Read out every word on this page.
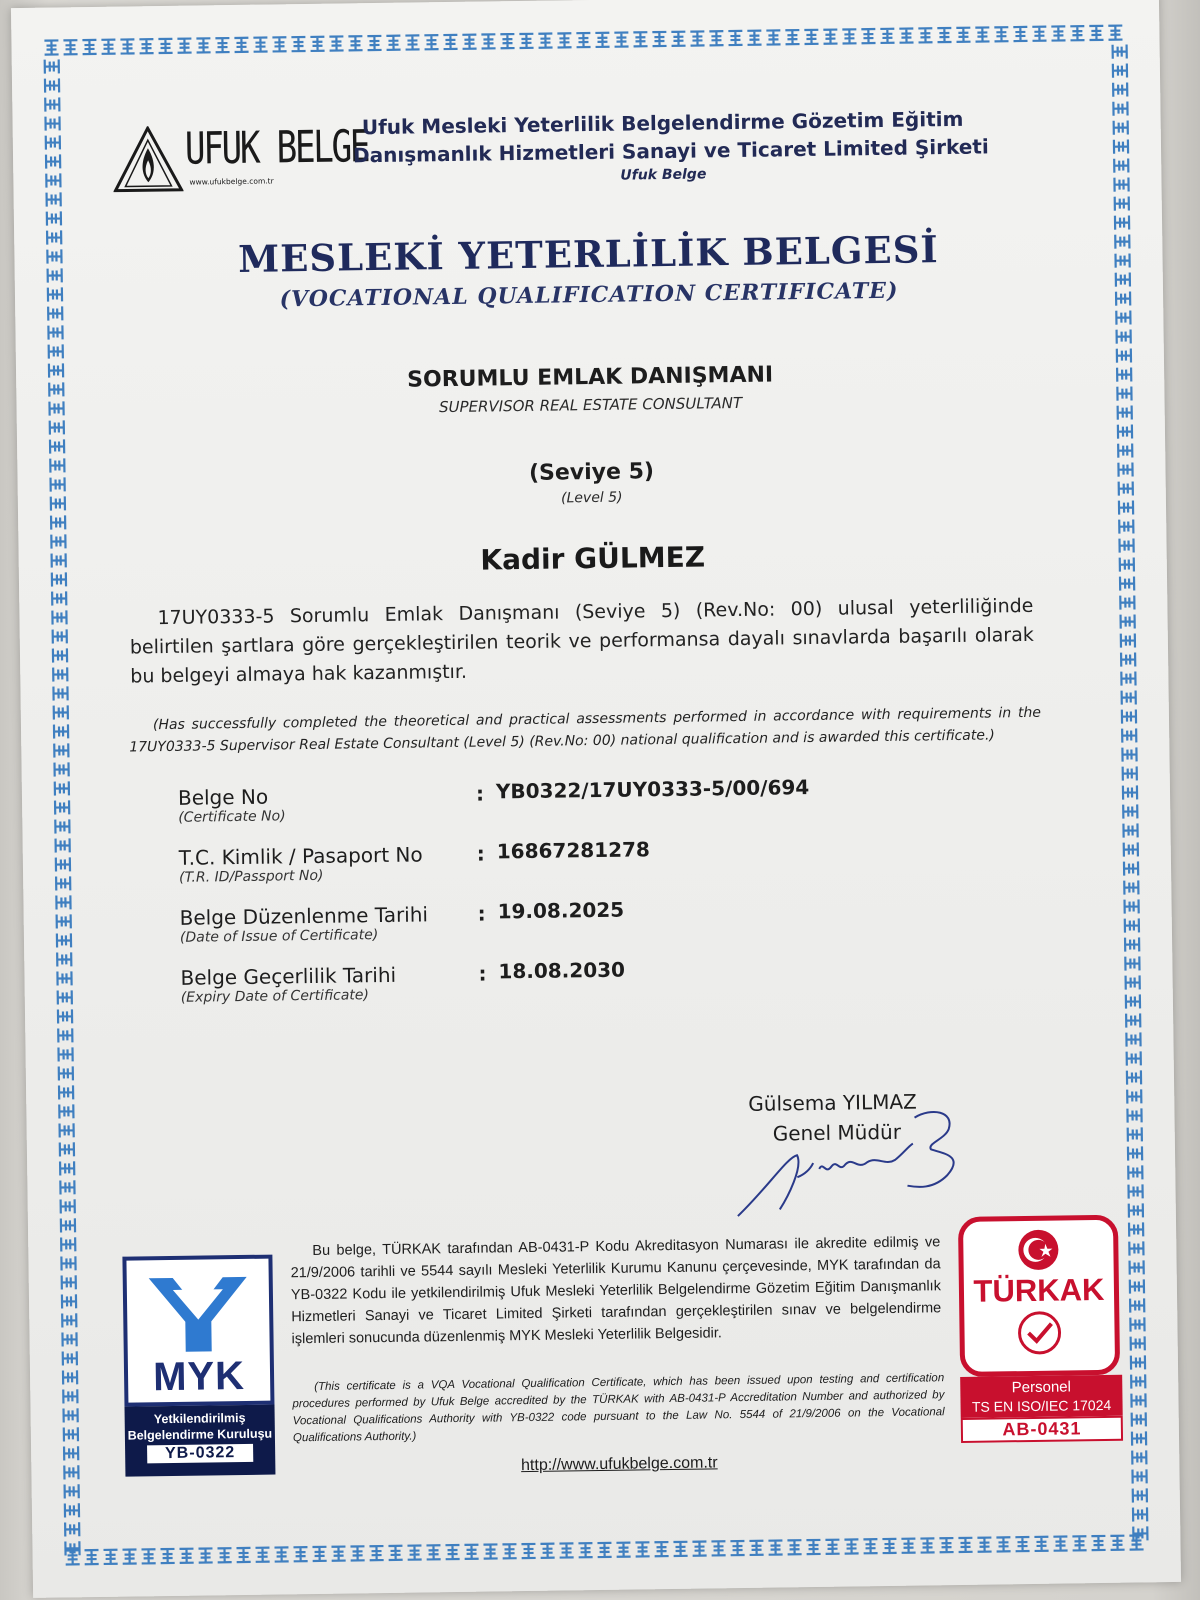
UFUK BELGE
www.ufukbelge.com.tr
Ufuk Mesleki Yeterlilik Belgelendirme Gözetim Eğitim
Danışmanlık Hizmetleri Sanayi ve Ticaret Limited Şirketi
Ufuk Belge
MESLEKİ YETERLİLİK BELGESİ
(VOCATIONAL QUALIFICATION CERTIFICATE)
SORUMLU EMLAK DANIŞMANI
SUPERVISOR REAL ESTATE CONSULTANT
(Seviye 5)
(Level 5)
Kadir GÜLMEZ
17UY0333-5 Sorumlu Emlak Danışmanı (Seviye 5) (Rev.No: 00) ulusal yeterliliğinde belirtilen şartlara göre gerçekleştirilen teorik ve performansa dayalı sınavlarda başarılı olarak bu belgeyi almaya hak kazanmıştır.
(Has successfully completed the theoretical and practical assessments performed in accordance with requirements in the 17UY0333-5 Supervisor Real Estate Consultant (Level 5) (Rev.No: 00) national qualification and is awarded this certificate.)
Belge No
(Certificate No)
: YB0322/17UY0333-5/00/694
T.C. Kimlik / Pasaport No
(T.R. ID/Passport No)
: 16867281278
Belge Düzenlenme Tarihi
(Date of Issue of Certificate)
: 19.08.2025
Belge Geçerlilik Tarihi
(Expiry Date of Certificate)
: 18.08.2030
Gülsema YILMAZ
Genel Müdür
MYK
Yetkilendirilmiş
Belgelendirme Kuruluşu
YB-0322
Bu belge, TÜRKAK tarafından AB-0431-P Kodu Akreditasyon Numarası ile akredite edilmiş ve 21/9/2006 tarihli ve 5544 sayılı Mesleki Yeterlilik Kurumu Kanunu çerçevesinde, MYK tarafından da YB-0322 Kodu ile yetkilendirilmiş Ufuk Mesleki Yeterlilik Belgelendirme Gözetim Eğitim Danışmanlık Hizmetleri Sanayi ve Ticaret Limited Şirketi tarafından gerçekleştirilen sınav ve belgelendirme işlemleri sonucunda düzenlenmiş MYK Mesleki Yeterlilik Belgesidir.
(This certificate is a VQA Vocational Qualification Certificate, which has been issued upon testing and certification procedures performed by Ufuk Belge accredited by the TÜRKAK with AB-0431-P Accreditation Number and authorized by Vocational Qualifications Authority with YB-0322 code pursuant to the Law No. 5544 of 21/9/2006 on the Vocational Qualifications Authority.)
http://www.ufukbelge.com.tr
TÜRKAK
Personel
TS EN ISO/IEC 17024
AB-0431
